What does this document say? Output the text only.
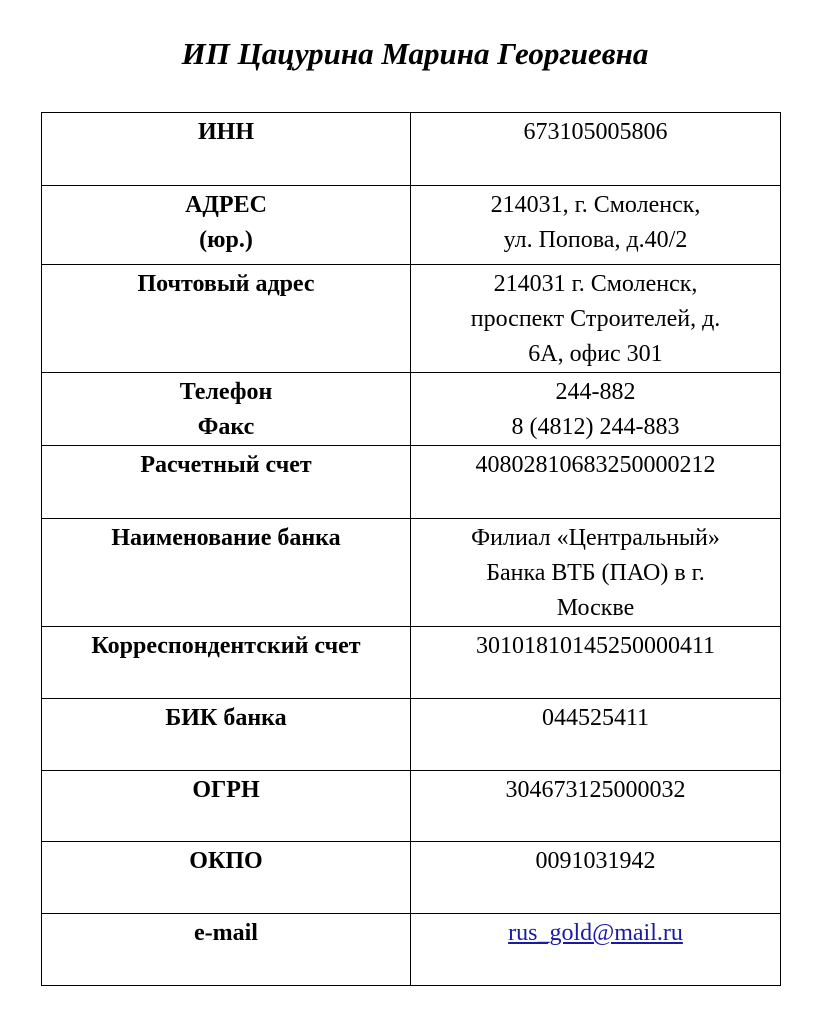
ИП Цацурина Марина Георгиевна
ИНН	673105005806

АДРЕС
(юр.)	214031, г. Смоленск,
ул. Попова, д.40/2

Почтовый адрес	214031 г. Смоленск,
проспект Строителей, д.
6А, офис 301

Телефон
Факс	244-882
8 (4812) 244-883

Расчетный счет	40802810683250000212

Наименование банка	Филиал «Центральный»
Банка ВТБ (ПАО) в г.
Москве

Корреспондентский счет	30101810145250000411

БИК банка	044525411

ОГРН	304673125000032

ОКПО	0091031942

e-mail	rus_gold@mail.ru
